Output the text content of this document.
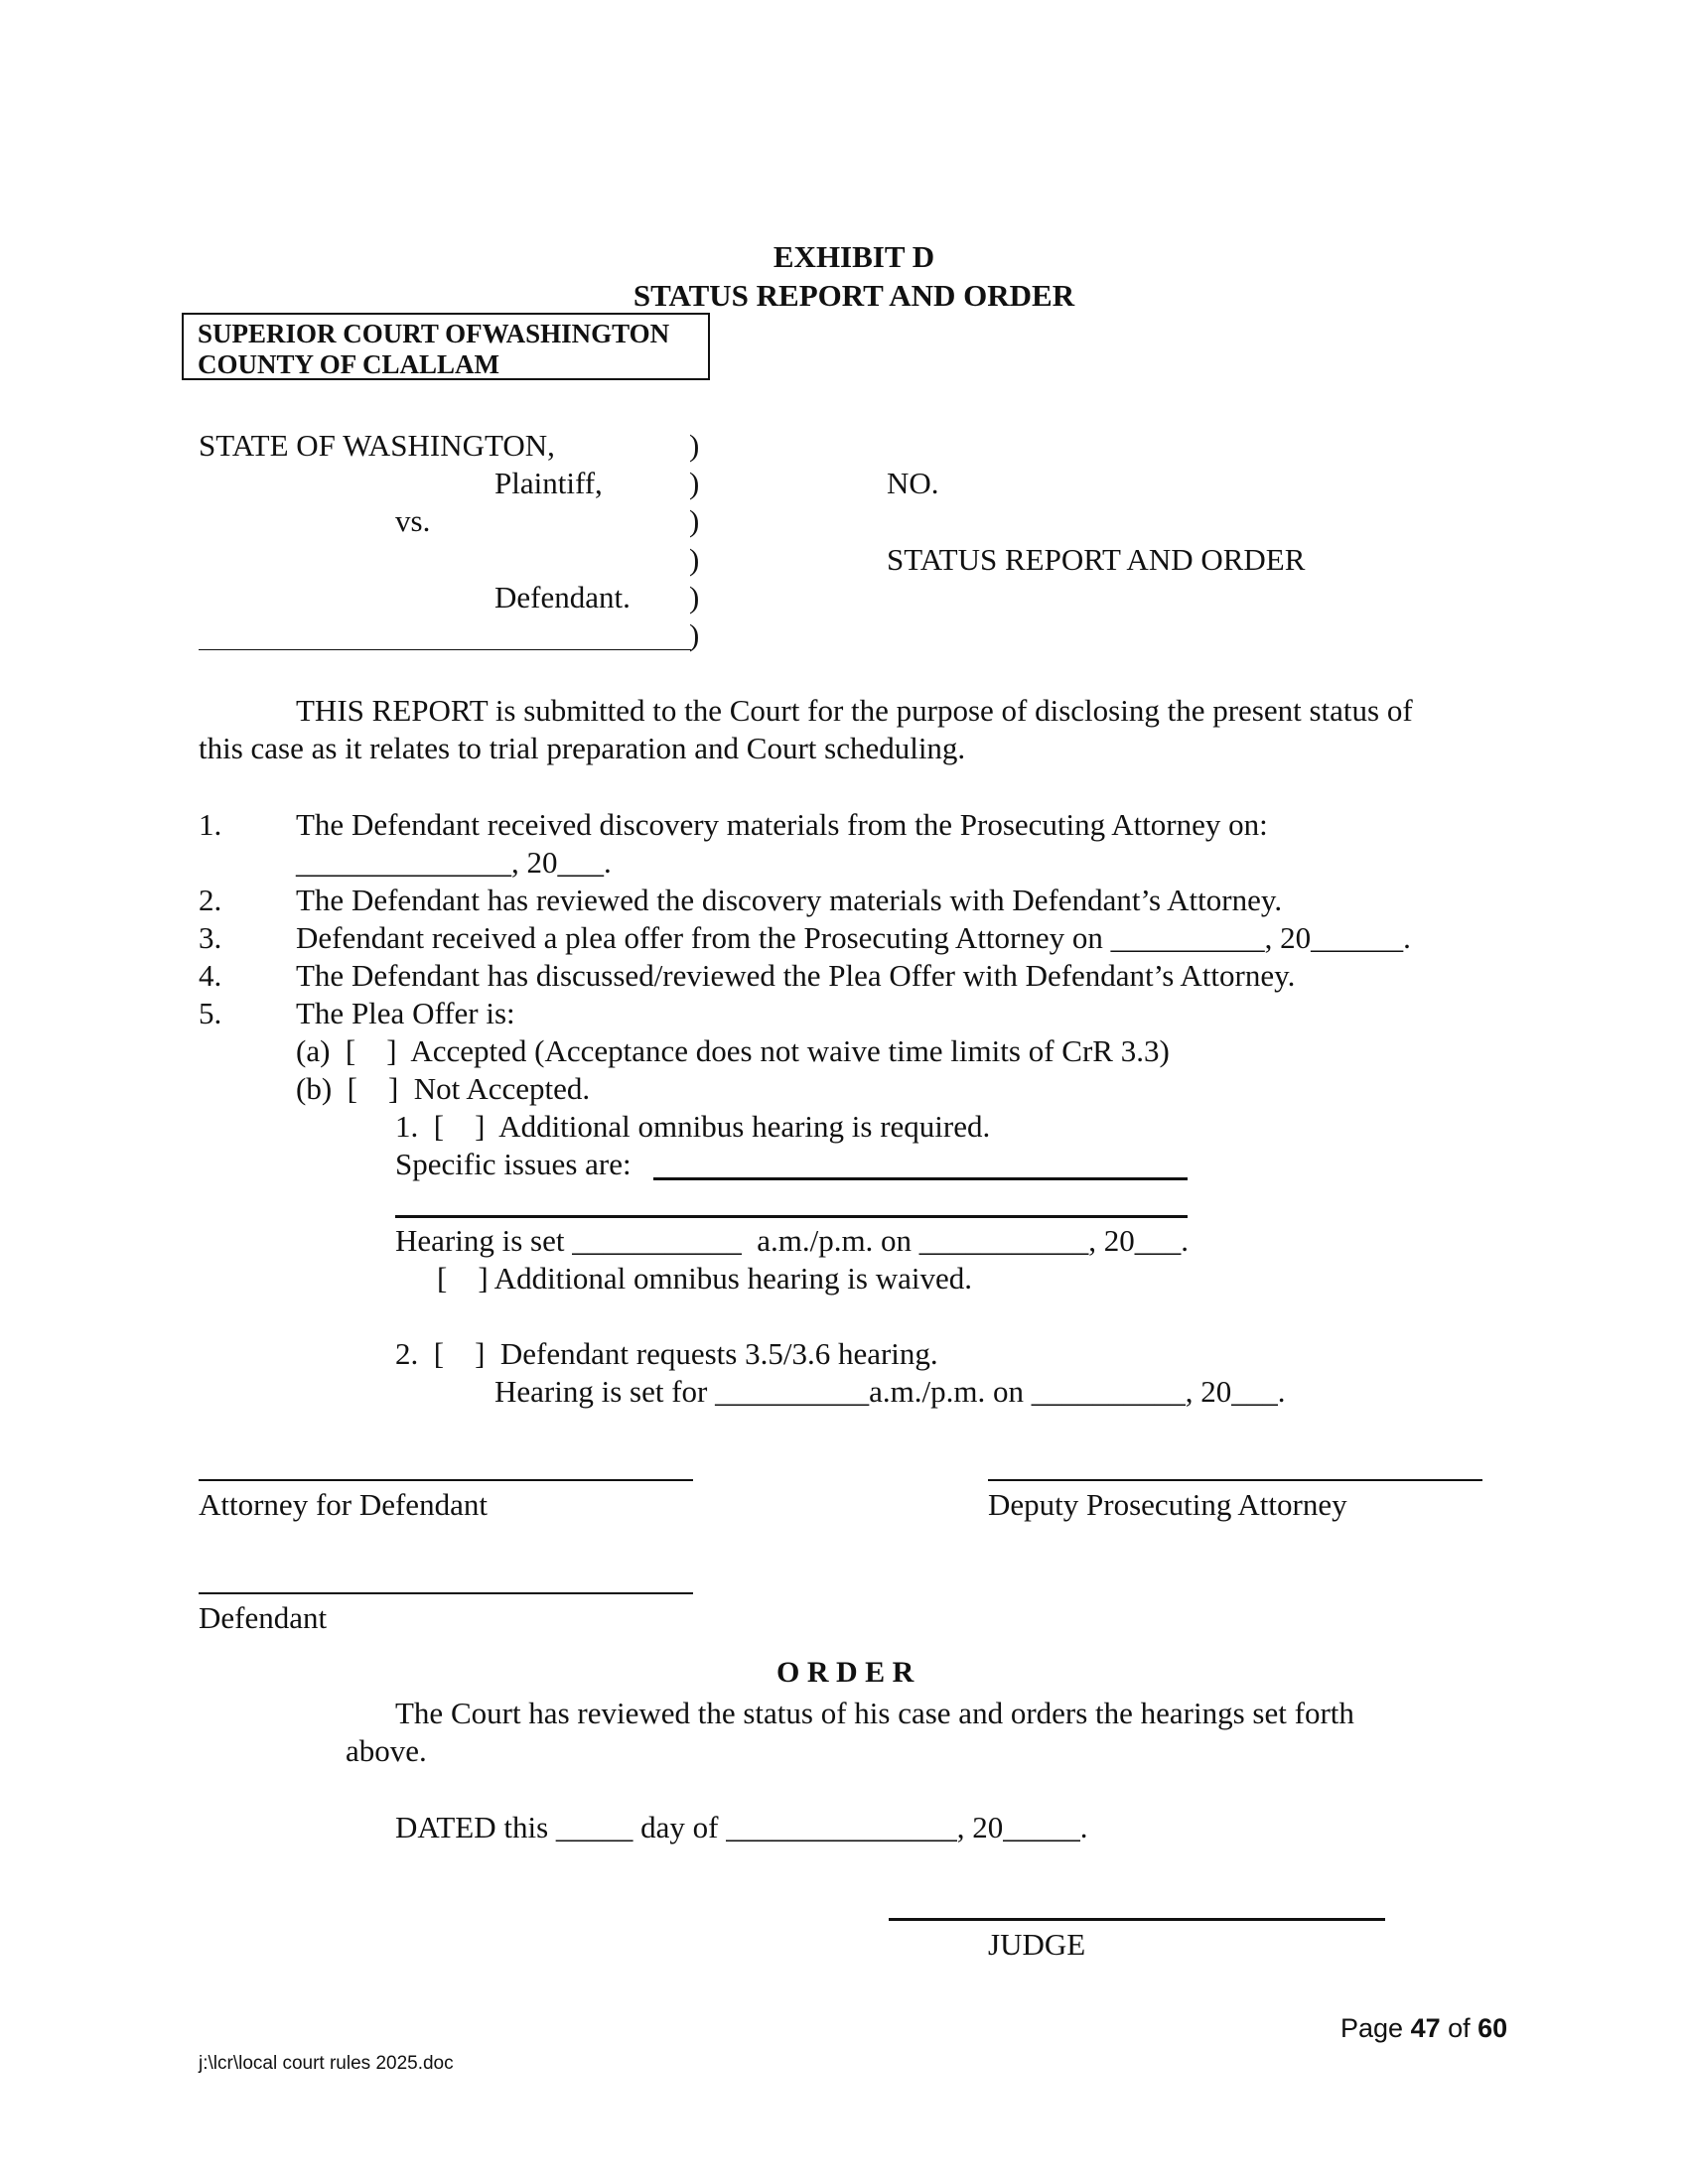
EXHIBIT D
STATUS REPORT AND ORDER
SUPERIOR COURT OFWASHINGTON
COUNTY OF CLALLAM
STATE OF WASHINGTON,
Plaintiff,
vs.
Defendant.
)
)
)
)
)
)
NO.
STATUS REPORT AND ORDER
THIS REPORT is submitted to the Court for the purpose of disclosing the present status of
this case as it relates to trial preparation and Court scheduling.
1. The Defendant received discovery materials from the Prosecuting Attorney on:
______________, 20___.
2. The Defendant has reviewed the discovery materials with Defendant’s Attorney.
3. Defendant received a plea offer from the Prosecuting Attorney on __________, 20______.
4. The Defendant has discussed/reviewed the Plea Offer with Defendant’s Attorney.
5. The Plea Offer is:
(a)  [    ]  Accepted (Acceptance does not waive time limits of CrR 3.3)
(b)  [    ]  Not Accepted.
1.  [    ]  Additional omnibus hearing is required.
Specific issues are:
Hearing is set ___________  a.m./p.m. on ___________, 20___.
[    ] Additional omnibus hearing is waived.
2.  [    ]  Defendant requests 3.5/3.6 hearing.
Hearing is set for __________a.m./p.m. on __________, 20___.
Attorney for Defendant	Deputy Prosecuting Attorney
Defendant
O R D E R
The Court has reviewed the status of his case and orders the hearings set forth
above.
DATED this _____ day of _______________, 20_____.
JUDGE
Page 47 of 60
j:\lcr\local court rules 2025.doc
